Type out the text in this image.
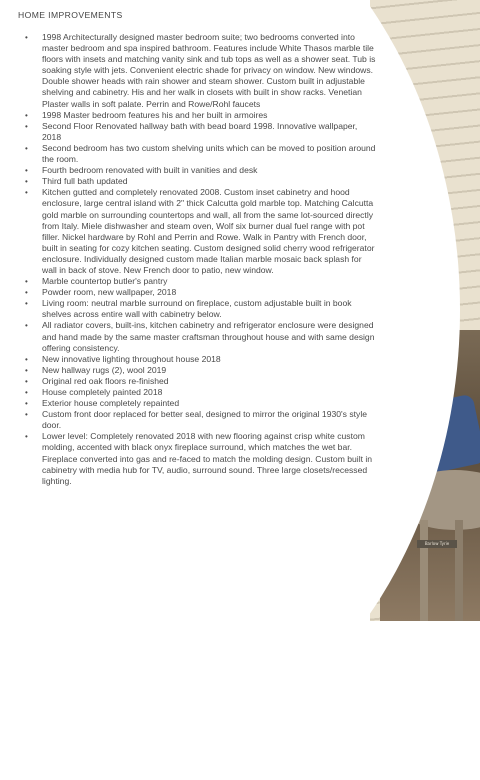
Barlow Tyrie
HOME IMPROVEMENTS
• 1998 Architecturally designed master bedroom suite; two bedrooms converted into master bedroom and spa inspired bathroom. Features include White Thasos marble tile floors with insets and matching vanity sink and tub tops as well as a shower seat. Tub is soaking style with jets. Convenient electric shade for privacy on window. New windows. Double shower heads with rain shower and steam shower. Custom built in adjustable shelving and cabinetry. His and her walk in closets with built in show racks. Venetian Plaster walls in soft palate. Perrin and Rowe/Rohl faucets
• 1998 Master bedroom features his and her built in armoires
• Second Floor Renovated hallway bath with bead board 1998. Innovative wallpaper, 2018
• Second bedroom has two custom shelving units which can be moved to position around the room.
• Fourth bedroom renovated with built in vanities and desk
• Third full bath updated
• Kitchen gutted and completely renovated 2008. Custom inset cabinetry and hood enclosure, large central island with 2" thick Calcutta gold marble top. Matching Calcutta gold marble on surrounding countertops and wall, all from the same lot-sourced directly from Italy. Miele dishwasher and steam oven, Wolf six burner dual fuel range with pot filler. Nickel hardware by Rohl and Perrin and Rowe. Walk in Pantry with French door, built in seating for cozy kitchen seating. Custom designed solid cherry wood refrigerator enclosure. Individually designed custom made Italian marble mosaic back splash for wall in back of stove. New French door to patio, new window.
• Marble countertop butler's pantry
• Powder room, new wallpaper, 2018
• Living room: neutral marble surround on fireplace, custom adjustable built in book shelves across entire wall with cabinetry below.
• All radiator covers, built-ins, kitchen cabinetry and refrigerator enclosure were designed and hand made by the same master craftsman throughout house and with same design offering consistency.
• New innovative lighting throughout house 2018
• New hallway rugs (2), wool 2019
• Original red oak floors re-finished
• House completely painted 2018
• Exterior house completely repainted
• Custom front door replaced for better seal, designed to mirror the original 1930's style door.
• Lower level: Completely renovated 2018 with new flooring against crisp white custom molding, accented with black onyx fireplace surround, which matches the wet bar. Fireplace converted into gas and re-faced to match the molding design. Custom built in cabinetry with media hub for TV, audio, surround sound. Three large closets/recessed lighting.
